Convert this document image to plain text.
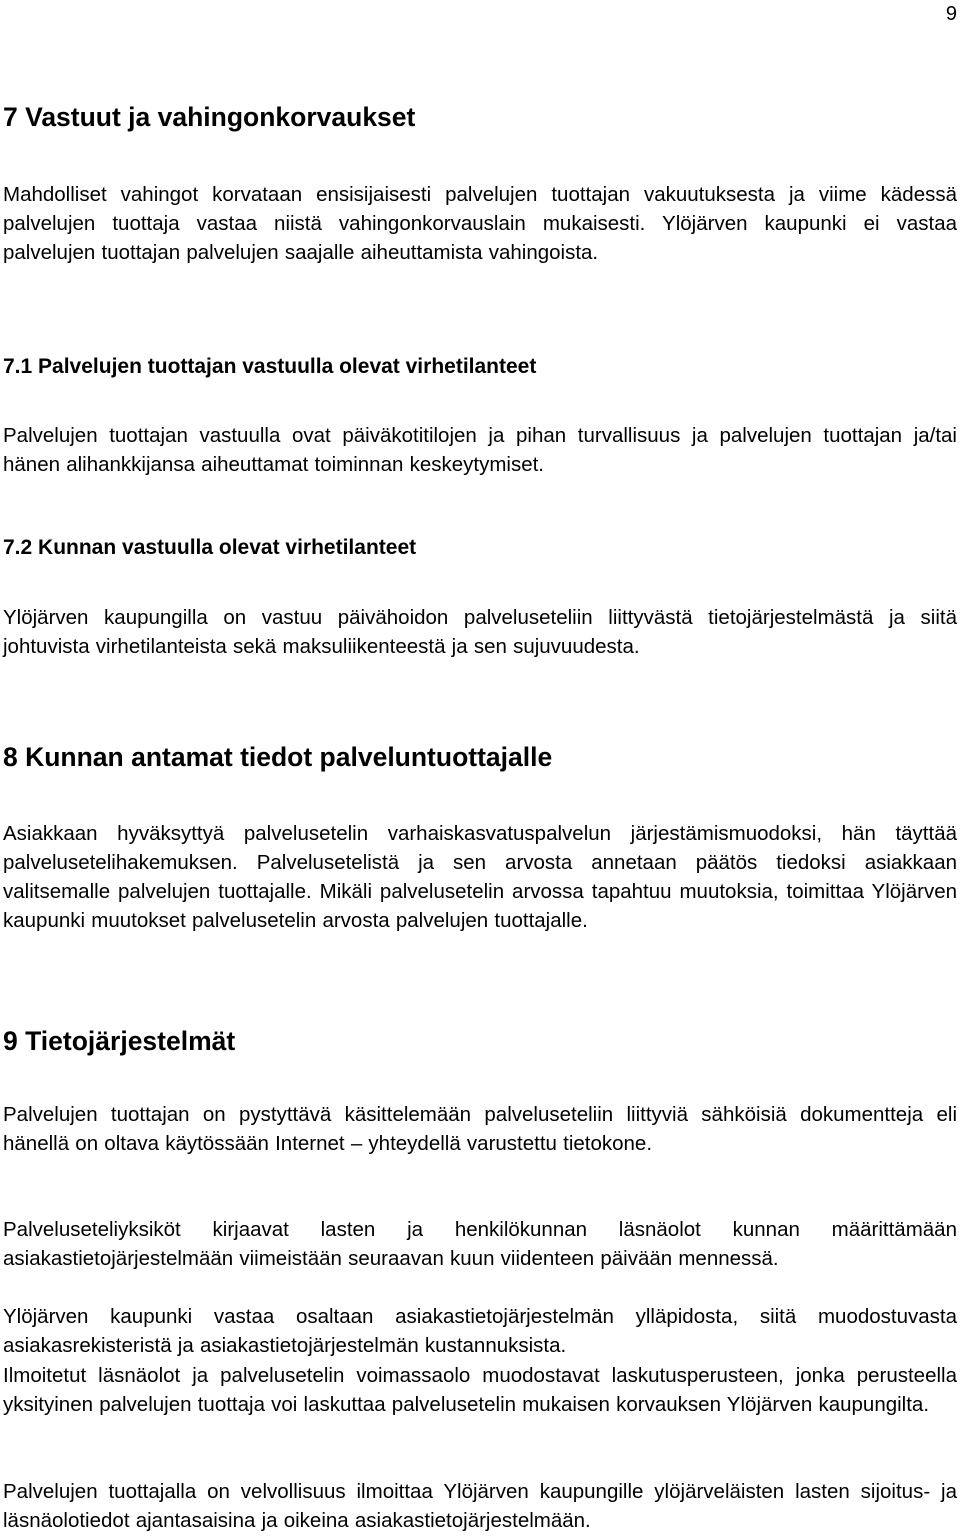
9
7 Vastuut ja vahingonkorvaukset

Mahdolliset vahingot korvataan ensisijaisesti palvelujen tuottajan vakuutuksesta ja viime kädessä palvelujen tuottaja vastaa niistä vahingonkorvauslain mukaisesti. Ylöjärven kaupunki ei vastaa palvelujen tuottajan palvelujen saajalle aiheuttamista vahingoista.

7.1 Palvelujen tuottajan vastuulla olevat virhetilanteet

Palvelujen tuottajan vastuulla ovat päiväkotitilojen ja pihan turvallisuus ja palvelujen tuottajan ja/tai hänen alihankkijansa aiheuttamat toiminnan keskeytymiset.

7.2 Kunnan vastuulla olevat virhetilanteet

Ylöjärven kaupungilla on vastuu päivähoidon palveluseteliin liittyvästä tietojärjestelmästä ja siitä johtuvista virhetilanteista sekä maksuliikenteestä ja sen sujuvuudesta.

8 Kunnan antamat tiedot palveluntuottajalle

Asiakkaan hyväksyttyä palvelusetelin varhaiskasvatuspalvelun järjestämismuodoksi, hän täyttää palvelusetelihakemuksen. Palvelusetelistä ja sen arvosta annetaan päätös tiedoksi asiakkaan valitsemalle palvelujen tuottajalle. Mikäli palvelusetelin arvossa tapahtuu muutoksia, toimittaa Ylöjärven kaupunki muutokset palvelusetelin arvosta palvelujen tuottajalle.

9 Tietojärjestelmät

Palvelujen tuottajan on pystyttävä käsittelemään palveluseteliin liittyviä sähköisiä dokumentteja eli hänellä on oltava käytössään Internet – yhteydellä varustettu tietokone.

Palveluseteliyksiköt kirjaavat lasten ja henkilökunnan läsnäolot kunnan määrittämään asiakastietojärjestelmään viimeistään seuraavan kuun viidenteen päivään mennessä.

Ylöjärven kaupunki vastaa osaltaan asiakastietojärjestelmän ylläpidosta, siitä muodostuvasta asiakasrekisteristä ja asiakastietojärjestelmän kustannuksista.

Ilmoitetut läsnäolot ja palvelusetelin voimassaolo muodostavat laskutusperusteen, jonka perusteella yksityinen palvelujen tuottaja voi laskuttaa palvelusetelin mukaisen korvauksen Ylöjärven kaupungilta.

Palvelujen tuottajalla on velvollisuus ilmoittaa Ylöjärven kaupungille ylöjärveläisten lasten sijoitus- ja läsnäolotiedot ajantasaisina ja oikeina asiakastietojärjestelmään.
